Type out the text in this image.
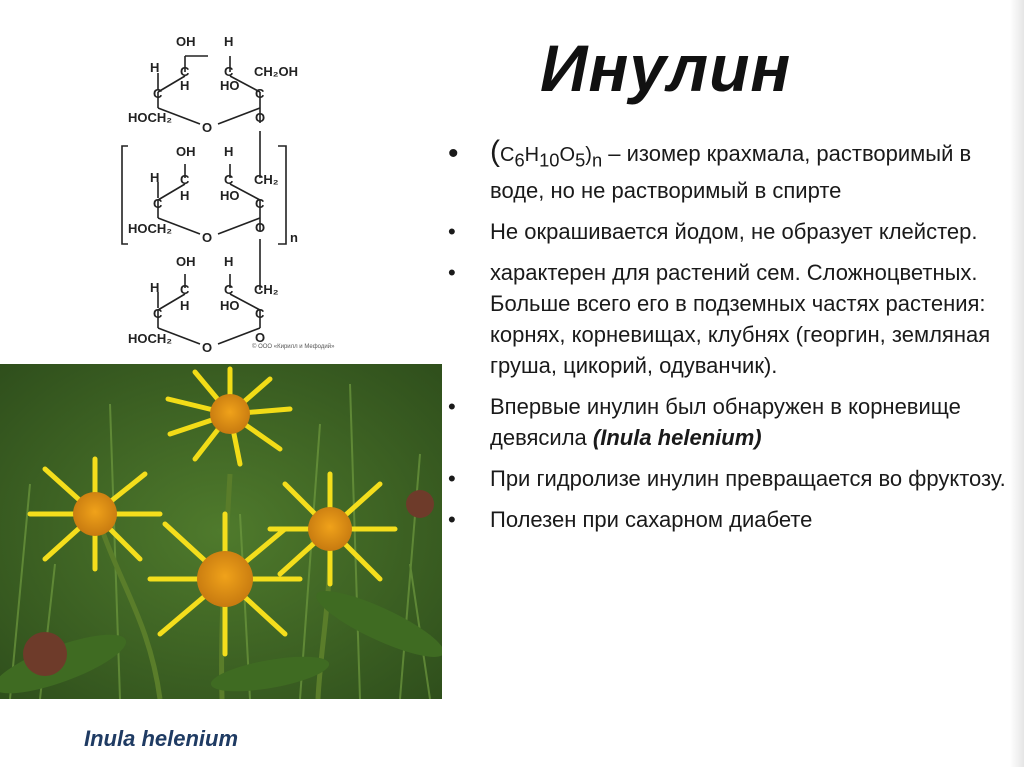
OH H
H C	C CH₂OH
H HO
C	C
HOCH₂
O
O
OH H
H C	C CH₂
H HO
C	C
HOCH₂
O
O
n
OH H
H C	C CH₂
H HO
C	C
HOCH₂
O
O
© ООО «Кирилл и Мефодий»
Inula helenium
Инулин
• $(C_6H_{10}O_5)_n$ – изомер крахмала, растворимый в воде, но не растворимый в спирте
• Не окрашивается йодом, не образует клейстер.
• характерен для растений сем. Сложноцветных. Больше всего его в подземных частях растения: корнях, корневищах, клубнях (георгин, земляная груша, цикорий, одуванчик).
• Впервые инулин был обнаружен в корневище девясила (Inula helenium)
• При гидролизе инулин превращается во фруктозу.
• Полезен при сахарном диабете
